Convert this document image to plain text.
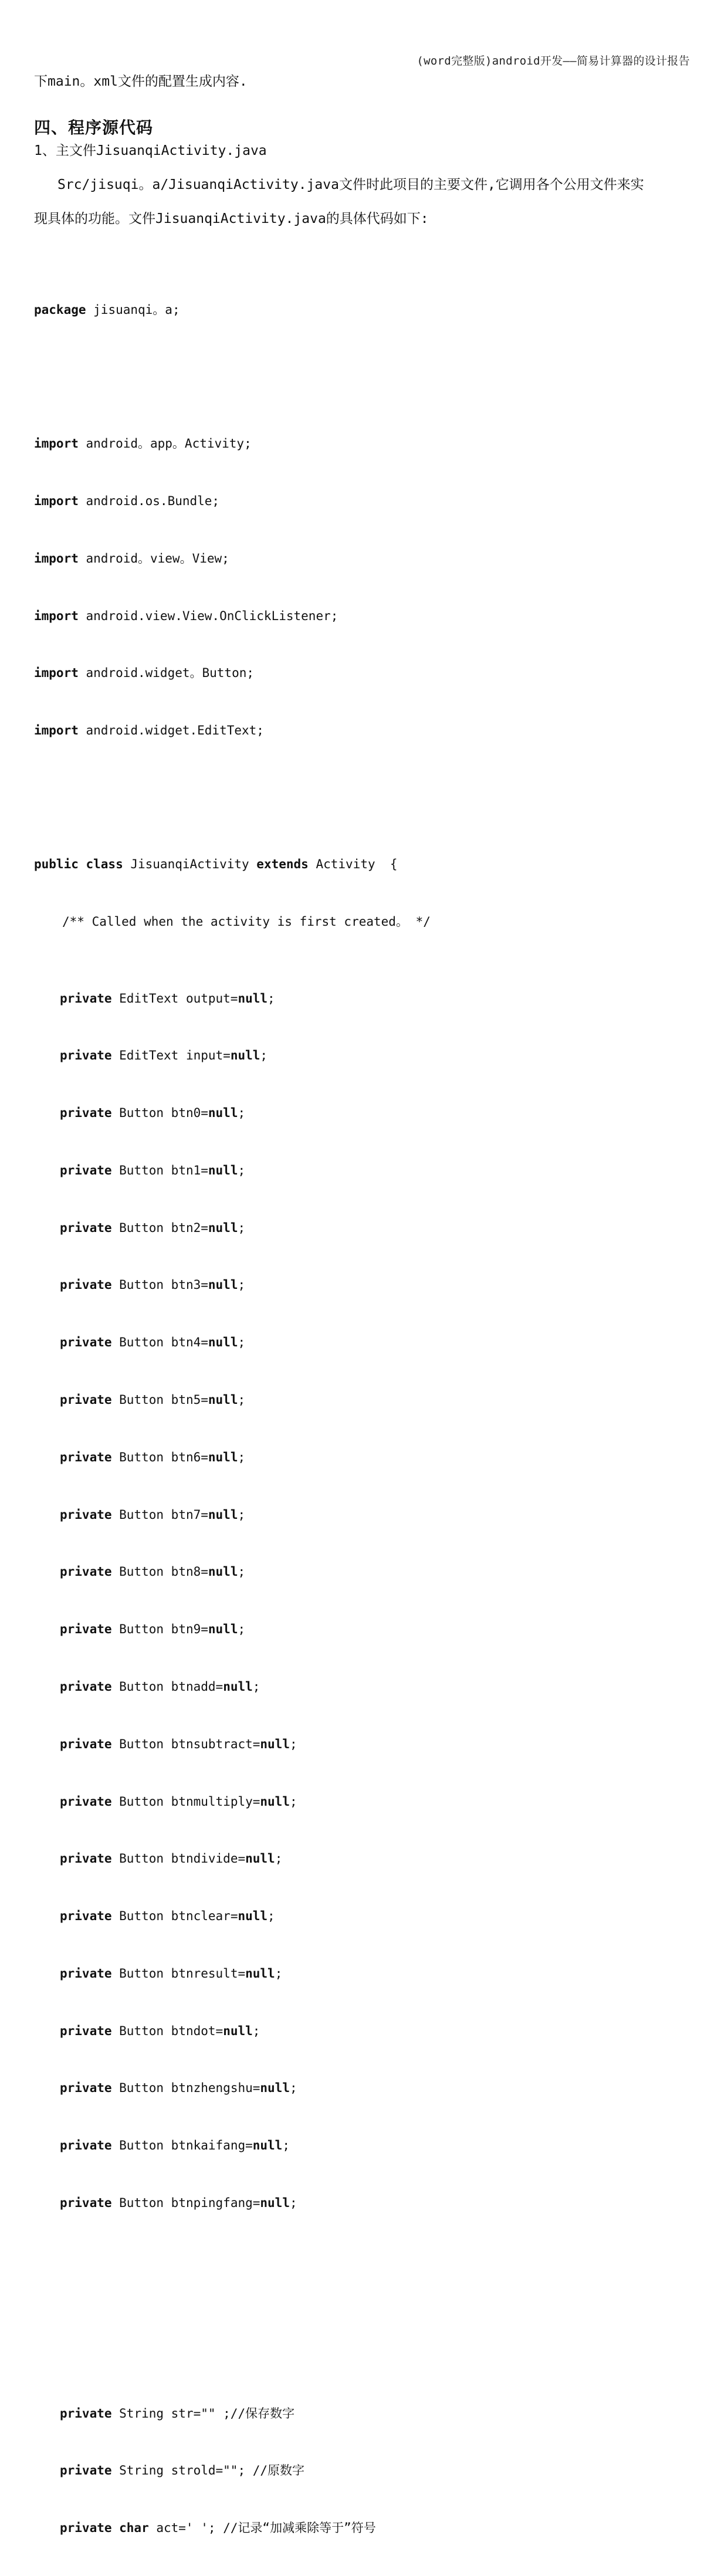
(word完整版)android开发——简易计算器的设计报告
下main。xml文件的配置生成内容.
四、程序源代码
1、主文件JisuanqiActivity.java
Src/jisuqi。a/JisuanqiActivity.java文件时此项目的主要文件,它调用各个公用文件来实
现具体的功能。文件JisuanqiActivity.java的具体代码如下:

package jisuanqi。a;

import android。app。Activity;

import android.os.Bundle;

import android。view。View;

import android.view.View.OnClickListener;

import android.widget。Button;

import android.widget.EditText;

public class JisuanqiActivity extends Activity  {

/** Called when the activity is first created。 */

private EditText output=null;

private EditText input=null;

private Button btn0=null;

private Button btn1=null;

private Button btn2=null;

private Button btn3=null;

private Button btn4=null;

private Button btn5=null;

private Button btn6=null;

private Button btn7=null;

private Button btn8=null;

private Button btn9=null;

private Button btnadd=null;

private Button btnsubtract=null;

private Button btnmultiply=null;

private Button btndivide=null;

private Button btnclear=null;

private Button btnresult=null;

private Button btndot=null;

private Button btnzhengshu=null;

private Button btnkaifang=null;

private Button btnpingfang=null;

private String str="" ;//保存数字

private String strold=""; //原数字

private char act=' '; //记录“加减乘除等于”符号
